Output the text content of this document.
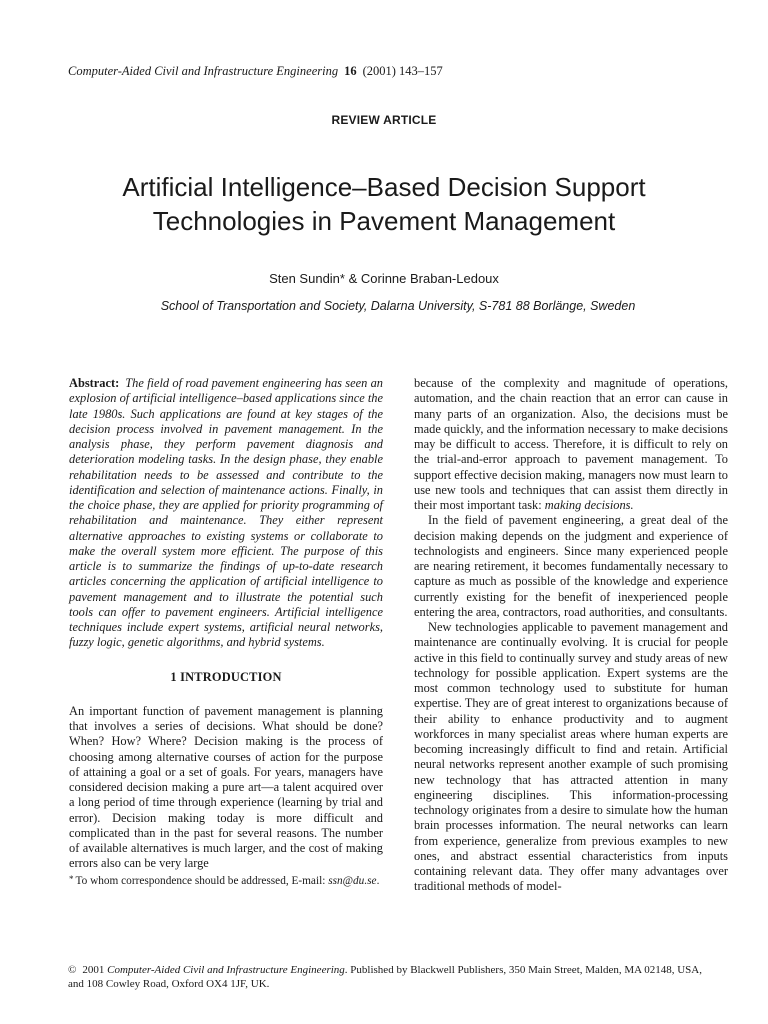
Computer-Aided Civil and Infrastructure Engineering 16 (2001) 143–157
REVIEW ARTICLE
Artificial Intelligence–Based Decision Support
Technologies in Pavement Management
Sten Sundin* & Corinne Braban-Ledoux
School of Transportation and Society, Dalarna University, S-781 88 Borlänge, Sweden

Abstract: The field of road pavement engineering has seen an explosion of artificial intelligence–based applications since the late 1980s. Such applications are found at key stages of the decision process involved in pavement management. In the analysis phase, they perform pavement diagnosis and deterioration modeling tasks. In the design phase, they enable rehabilitation needs to be assessed and contribute to the identification and selection of maintenance actions. Finally, in the choice phase, they are applied for priority programming of rehabilitation and maintenance. They either represent alternative approaches to existing systems or collaborate to make the overall system more efficient. The purpose of this article is to summarize the findings of up-to-date research articles concerning the application of artificial intelligence to pavement management and to illustrate the potential such tools can offer to pavement engineers. Artificial intelligence techniques include expert systems, artificial neural networks, fuzzy logic, genetic algorithms, and hybrid systems.

1 INTRODUCTION

An important function of pavement management is planning that involves a series of decisions. What should be done? When? How? Where? Decision making is the process of choosing among alternative courses of action for the purpose of attaining a goal or a set of goals. For years, managers have considered decision making a pure art—a talent acquired over a long period of time through experience (learning by trial and error). Decision making today is more difficult and complicated than in the past for several reasons. The number of available alternatives is much larger, and the cost of making errors also can be very large

* To whom correspondence should be addressed, E-mail: ssn@du.se.

because of the complexity and magnitude of operations, automation, and the chain reaction that an error can cause in many parts of an organization. Also, the decisions must be made quickly, and the information necessary to make decisions may be difficult to access. Therefore, it is difficult to rely on the trial-and-error approach to pavement management. To support effective decision making, managers now must learn to use new tools and techniques that can assist them directly in their most important task: making decisions.

In the field of pavement engineering, a great deal of the decision making depends on the judgment and experience of technologists and engineers. Since many experienced people are nearing retirement, it becomes fundamentally necessary to capture as much as possible of the knowledge and experience currently existing for the benefit of inexperienced people entering the area, contractors, road authorities, and consultants.

New technologies applicable to pavement management and maintenance are continually evolving. It is crucial for people active in this field to continually survey and study areas of new technology for possible application. Expert systems are the most common technology used to substitute for human expertise. They are of great interest to organizations because of their ability to enhance productivity and to augment workforces in many specialist areas where human experts are becoming increasingly difficult to find and retain. Artificial neural networks represent another example of such promising new technology that has attracted attention in many engineering disciplines. This information-processing technology originates from a desire to simulate how the human brain processes information. The neural networks can learn from experience, generalize from previous examples to new ones, and abstract essential characteristics from inputs containing relevant data. They offer many advantages over traditional methods of model-

© 2001 Computer-Aided Civil and Infrastructure Engineering. Published by Blackwell Publishers, 350 Main Street, Malden, MA 02148, USA,
and 108 Cowley Road, Oxford OX4 1JF, UK.
